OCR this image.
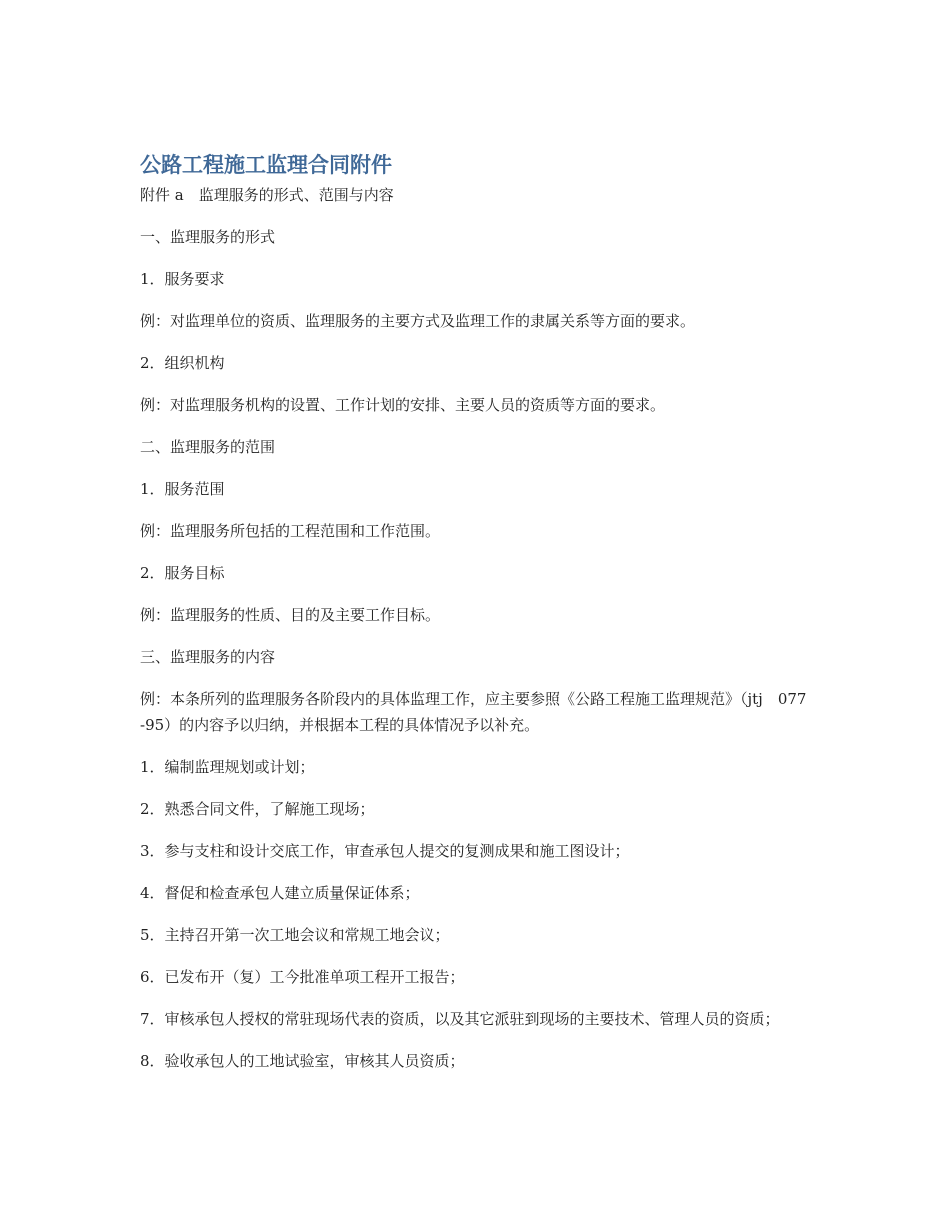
公路工程施工监理合同附件

附件 a　监理服务的形式、范围与内容

一、监理服务的形式

1．服务要求

例：对监理单位的资质、监理服务的主要方式及监理工作的隶属关系等方面的要求。

2．组织机构

例：对监理服务机构的设置、工作计划的安排、主要人员的资质等方面的要求。

二、监理服务的范围

1．服务范围

例：监理服务所包括的工程范围和工作范围。

2．服务目标

例：监理服务的性质、目的及主要工作目标。

三、监理服务的内容

例：本条所列的监理服务各阶段内的具体监理工作，应主要参照《公路工程施工监理规范》（jtj　077-95）的内容予以归纳，并根据本工程的具体情况予以补充。

1．编制监理规划或计划；

2．熟悉合同文件，了解施工现场；

3．参与支柱和设计交底工作，审查承包人提交的复测成果和施工图设计；

4．督促和检查承包人建立质量保证体系；

5．主持召开第一次工地会议和常规工地会议；

6．已发布开（复）工今批准单项工程开工报告；

7．审核承包人授权的常驻现场代表的资质，以及其它派驻到现场的主要技术、管理人员的资质；

8．验收承包人的工地试验室，审核其人员资质；
